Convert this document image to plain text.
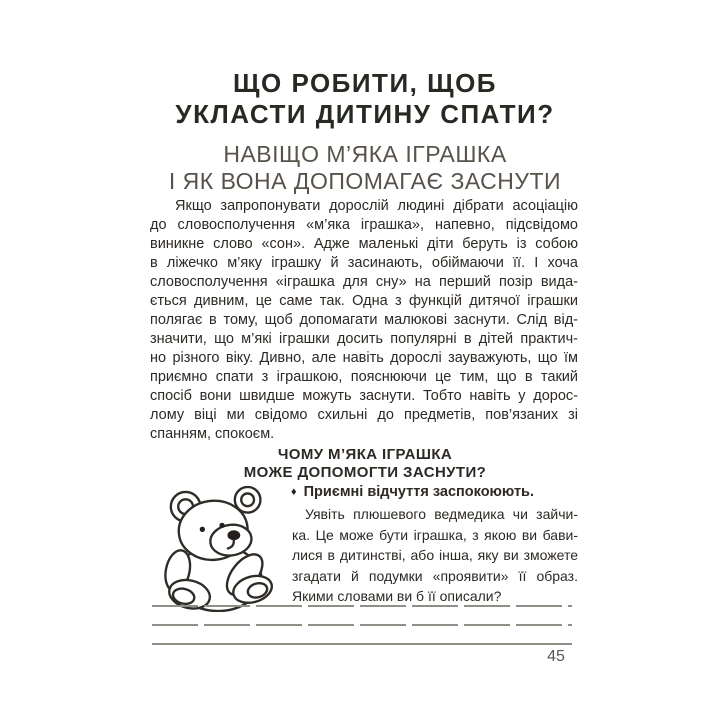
ЩО РОБИТИ, ЩОБ
УКЛАСТИ ДИТИНУ СПАТИ?
НАВІЩО М’ЯКА ІГРАШКА
І ЯК ВОНА ДОПОМАГАЄ ЗАСНУТИ
Якщо запропонувати дорослій людині дібрати асоціацію
до словосполучення «м’яка іграшка», напевно, підсвідомо
виникне слово «сон». Адже маленькі діти беруть із собою
в ліжечко м’яку іграшку й засинають, обіймаючи її. І хоча
словосполучення «іграшка для сну» на перший позір вида-
ється дивним, це саме так. Одна з функцій дитячої іграшки
полягає в тому, щоб допомагати малюкові заснути. Слід від-
значити, що м’які іграшки досить популярні в дітей практич-
но різного віку. Дивно, але навіть дорослі зауважують, що їм
приємно спати з іграшкою, пояснюючи це тим, що в такий
спосіб вони швидше можуть заснути. Тобто навіть у дорос-
лому віці ми свідомо схильні до предметів, пов’язаних зі
спанням, спокоєм.
ЧОМУ М’ЯКА ІГРАШКА
МОЖЕ ДОПОМОГТИ ЗАСНУТИ?
♦ Приємні відчуття заспокоюють.
Уявіть плюшевого ведмедика чи зайчи-
ка. Це може бути іграшка, з якою ви бави-
лися в дитинстві, або інша, яку ви зможете
згадати й подумки «проявити» її образ.
Якими словами ви б її описали?
45
